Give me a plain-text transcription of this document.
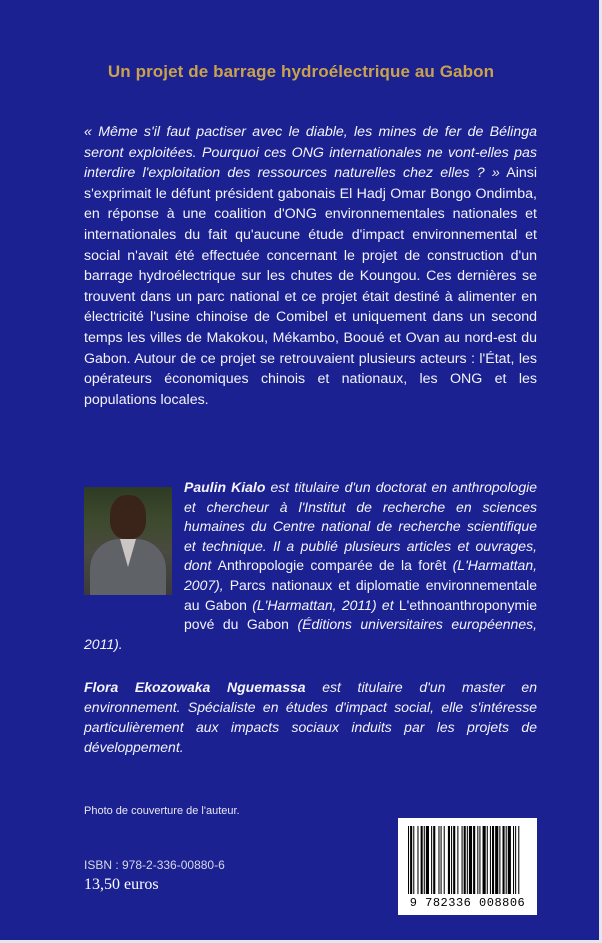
Un projet de barrage hydroélectrique au Gabon
« Même s'il faut pactiser avec le diable, les mines de fer de Bélinga seront exploitées. Pourquoi ces ONG internationales ne vont-elles pas interdire l'exploitation des ressources naturelles chez elles ? » Ainsi s'exprimait le défunt président gabonais El Hadj Omar Bongo Ondimba, en réponse à une coalition d'ONG environnementales nationales et internationales du fait qu'aucune étude d'impact environnemental et social n'avait été effectuée concernant le projet de construction d'un barrage hydroélectrique sur les chutes de Koungou. Ces dernières se trouvent dans un parc national et ce projet était destiné à alimenter en électricité l'usine chinoise de Comibel et uniquement dans un second temps les villes de Makokou, Mékambo, Booué et Ovan au nord-est du Gabon. Autour de ce projet se retrouvaient plusieurs acteurs : l'État, les opérateurs économiques chinois et nationaux, les ONG et les populations locales.
Paulin Kialo est titulaire d'un doctorat en anthropologie et chercheur à l'Institut de recherche en sciences humaines du Centre national de recherche scientifique et technique. Il a publié plusieurs articles et ouvrages, dont Anthropologie comparée de la forêt (L'Harmattan, 2007), Parcs nationaux et diplomatie environnementale au Gabon (L'Harmattan, 2011) et L'ethnoanthroponymie pové du Gabon (Éditions universitaires européennes, 2011).
Flora Ekozowaka Nguemassa est titulaire d'un master en environnement. Spécialiste en études d'impact social, elle s'intéresse particulièrement aux impacts sociaux induits par les projets de développement.
Photo de couverture de l'auteur.
ISBN : 978-2-336-00880-6
13,50 euros
9 782336 008806
